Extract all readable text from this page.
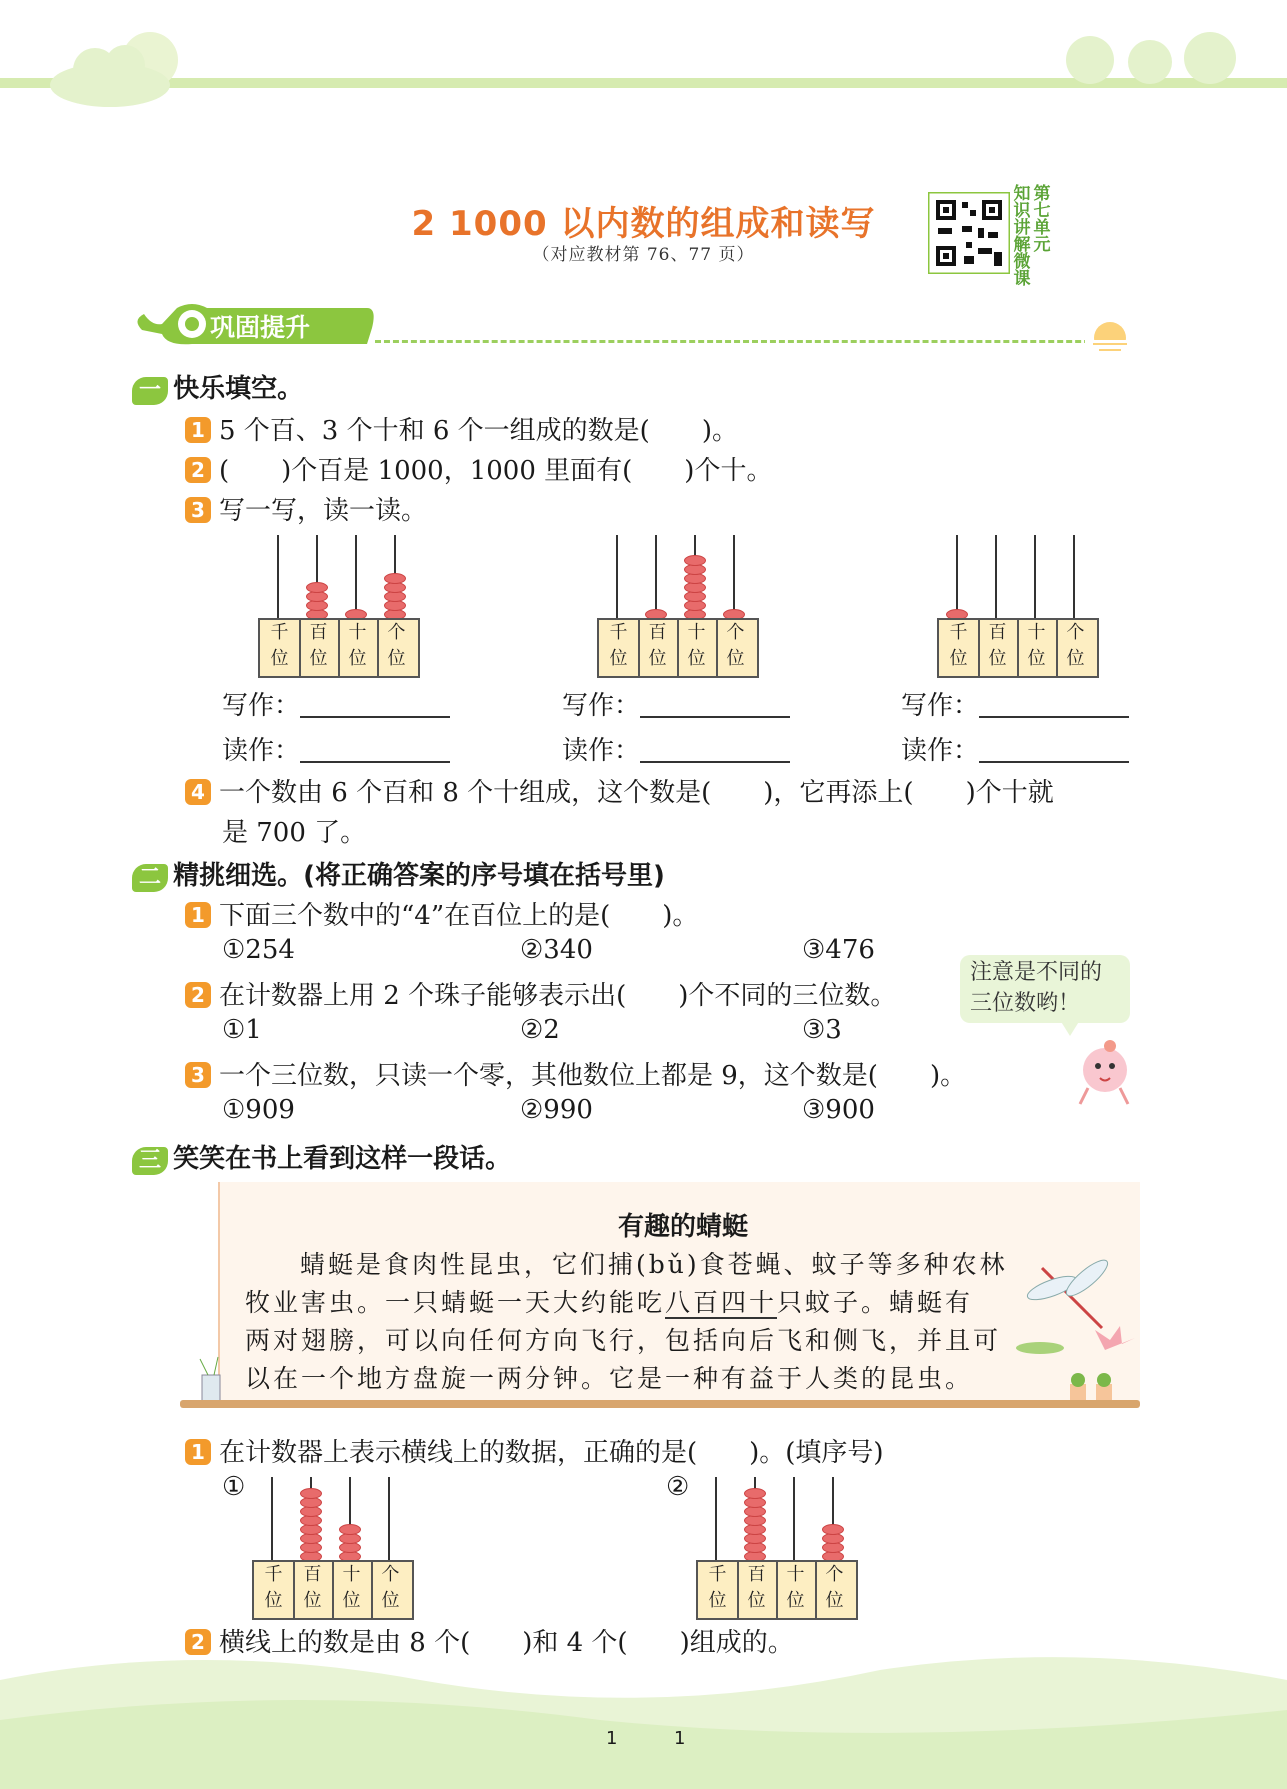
2 1000 以内数的组成和读写
（对应教材第 76、77 页）
知识讲解微课第七单元
巩固提升
一 快乐填空。
1 5 个百、3 个十和 6 个一组成的数是(　　)。
2 (　　)个百是 1000，1000 里面有(　　)个十。
3 写一写，读一读。
千
位
百
位
十
位
个
位
千
位
百
位
十
位
个
位
千
位
百
位
十
位
个
位
写作：	写作：	写作：
读作：	读作：	读作：
4 一个数由 6 个百和 8 个十组成，这个数是(　　)，它再添上(　　)个十就
是 700 了。
二 精挑细选。(将正确答案的序号填在括号里)
1 下面三个数中的“4”在百位上的是(　　)。
①254	②340	③476
2 在计数器上用 2 个珠子能够表示出(　　)个不同的三位数。
①1	②2	③3
注意是不同的
三位数哟！
3 一个三位数，只读一个零，其他数位上都是 9，这个数是(　　)。
①909	②990	③900
三 笑笑在书上看到这样一段话。
有趣的蜻蜓
蜻蜓是食肉性昆虫，它们捕(bǔ)食苍蝇、蚊子等多种农林
牧业害虫。一只蜻蜓一天大约能吃八百四十只蚊子。蜻蜓有
两对翅膀，可以向任何方向飞行，包括向后飞和侧飞，并且可
以在一个地方盘旋一两分钟。它是一种有益于人类的昆虫。
1 在计数器上表示横线上的数据，正确的是(　　)。(填序号)
①	②
千
位
百
位
十
位
个
位
千
位
百
位
十
位
个
位
2 横线上的数是由 8 个(　　)和 4 个(　　)组成的。
1	1
